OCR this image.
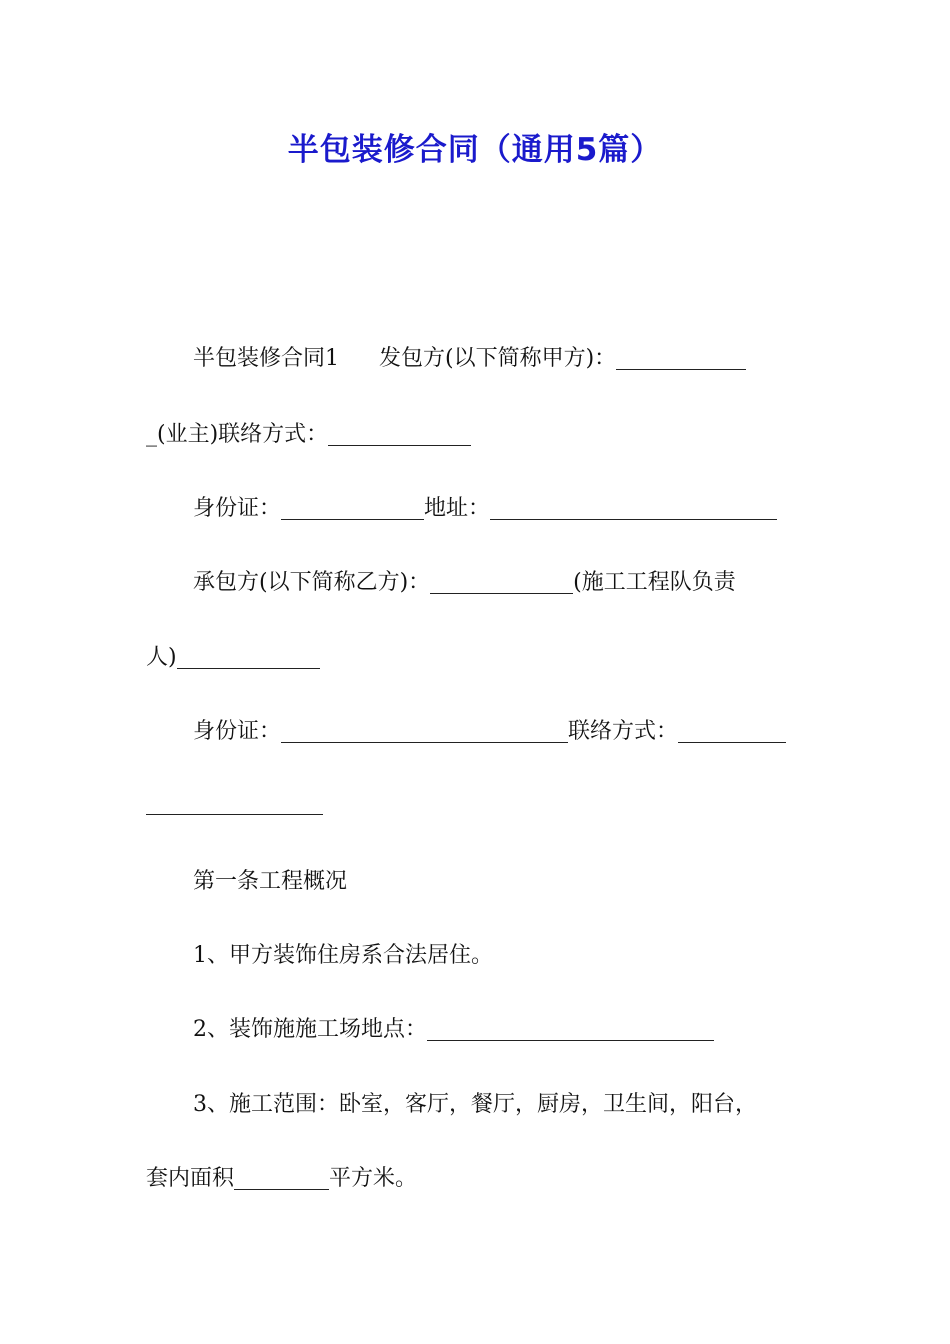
半包装修合同（通用5篇）
半包装修合同1 发包方(以下简称甲方)：
_(业主)联络方式：
身份证：	地址：
承包方(以下简称乙方)：	(施工工程队负责
人)
身份证：	联络方式：
第一条工程概况
1、甲方装饰住房系合法居住。
2、装饰施施工场地点：
3、施工范围：卧室，客厅，餐厅，厨房，卫生间，阳台，
套内面积	平方米。
